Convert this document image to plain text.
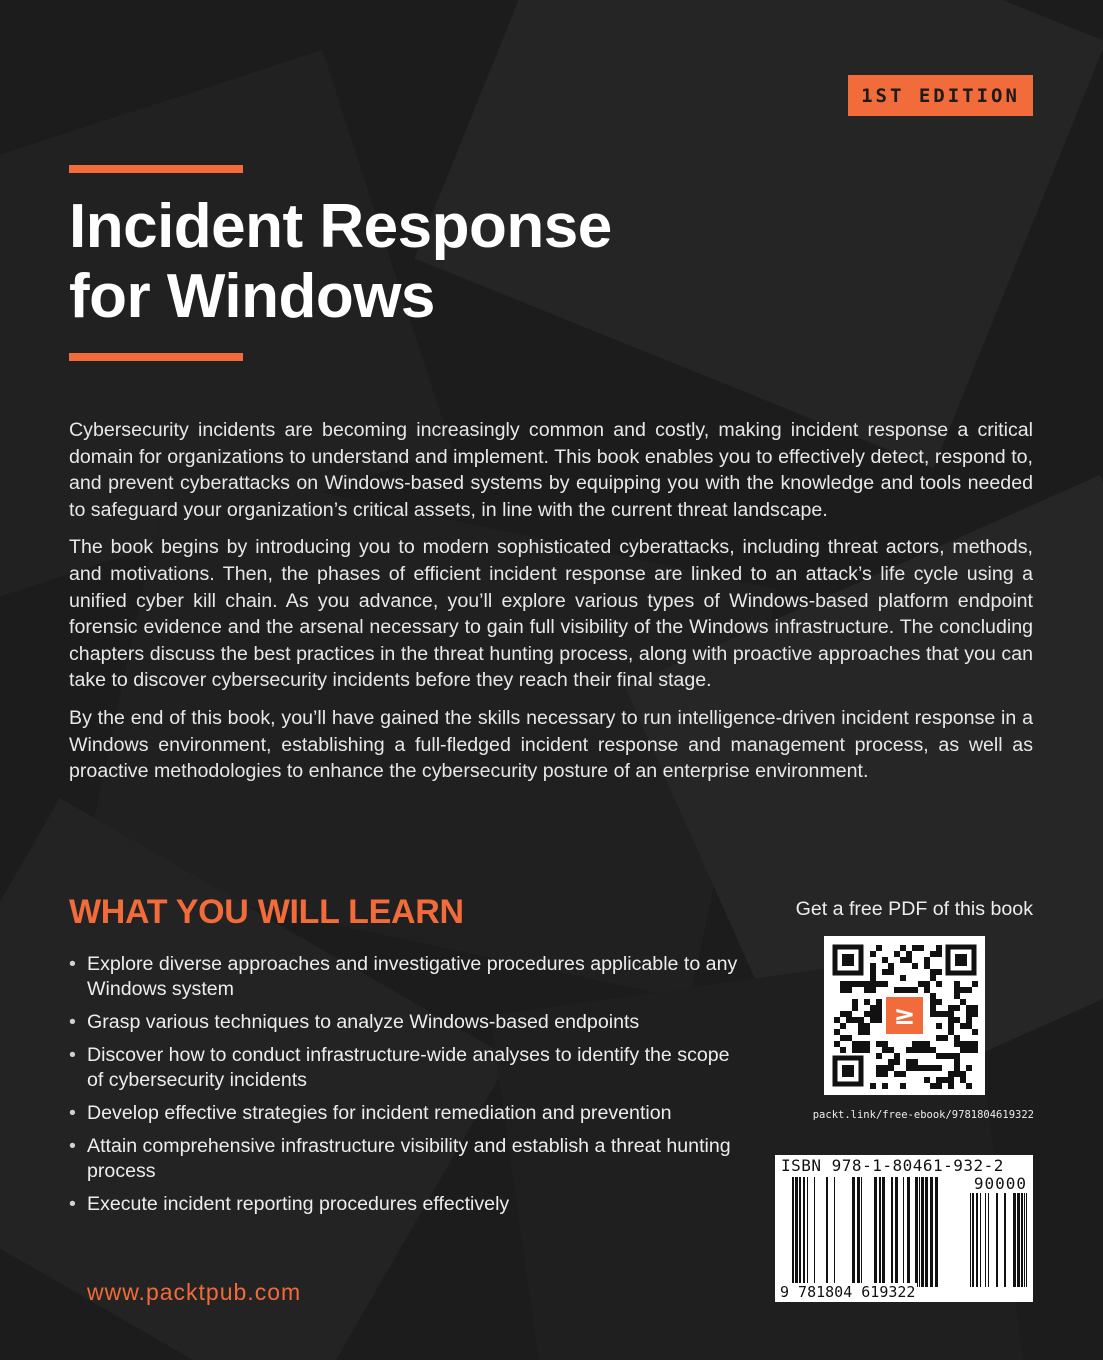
1ST EDITION
Incident Response
for Windows

Cybersecurity incidents are becoming increasingly common and costly, making incident response a critical domain for organizations to understand and implement. This book enables you to effectively detect, respond to, and prevent cyberattacks on Windows-based systems by equipping you with the knowledge and tools needed to safeguard your organization’s critical assets, in line with the current threat landscape.

The book begins by introducing you to modern sophisticated cyberattacks, including threat actors, methods, and motivations. Then, the phases of efficient incident response are linked to an attack’s life cycle using a unified cyber kill chain. As you advance, you’ll explore various types of Windows-based platform endpoint forensic evidence and the arsenal necessary to gain full visibility of the Windows infrastructure. The concluding chapters discuss the best practices in the threat hunting process, along with proactive approaches that you can take to discover cybersecurity incidents before they reach their final stage.

By the end of this book, you’ll have gained the skills necessary to run intelligence-driven incident response in a Windows environment, establishing a full-fledged incident response and management process, as well as proactive methodologies to enhance the cybersecurity posture of an enterprise environment.

WHAT YOU WILL LEARN
• Explore diverse approaches and investigative procedures applicable to any Windows system
• Grasp various techniques to analyze Windows-based endpoints
• Discover how to conduct infrastructure-wide analyses to identify the scope of cybersecurity incidents
• Develop effective strategies for incident remediation and prevention
• Attain comprehensive infrastructure visibility and establish a threat hunting process
• Execute incident reporting procedures effectively
www.packtpub.com
Get a free PDF of this book
≥
packt.link/free-ebook/9781804619322
ISBN 978-1-80461-932-2
90000
9 781804 619322
